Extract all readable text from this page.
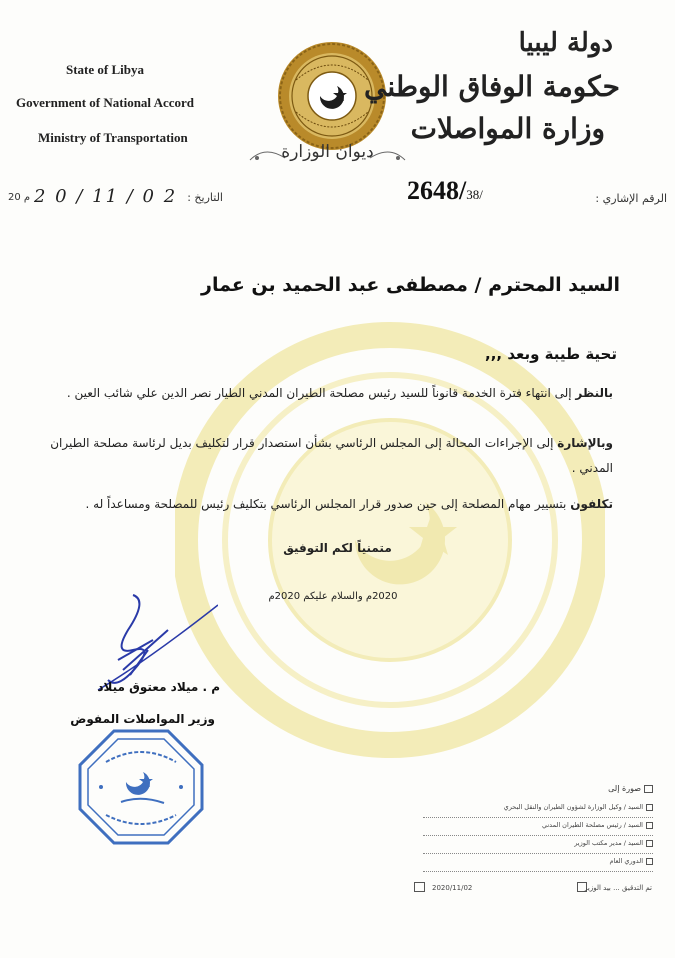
State of Libya
Government of National Accord
Ministry of Transportation
ديوان الوزارة
دولة ليبيا
حكومة الوفاق الوطني
وزارة المواصلات
التاريخ :
2 0 / 11 / 0 2
20 م	الرقم الإشاري :
2648/38/
السيد المحترم / مصطفى عبد الحميد بن عمار
تحية طيبة وبعد ,,,
بالنظر إلى انتهاء فترة الخدمة قانوناً للسيد رئيس مصلحة الطيران المدني الطيار نصر الدين علي شائب العين .
وبالإشارة إلى الإجراءات المحالة إلى المجلس الرئاسي بشأن استصدار قرار لتكليف بديل لرئاسة مصلحة الطيران المدني .
تكلفون بتسيير مهام المصلحة إلى حين صدور قرار المجلس الرئاسي بتكليف رئيس للمصلحة ومساعداً له .
متمنياً لكم التوفيق
2020م والسلام عليكم 2020م
م . ميلاد معتوق ميلاد
وزير المواصلات المفوض
صورة إلى
السيد / وكيل الوزارة لشؤون الطيران والنقل البحري
السيد / رئيس مصلحة الطيران المدني
السيد / مدير مكتب الوزير
الدوري العام
2020/11/02	تم التدقيق ... بيد الوزير
